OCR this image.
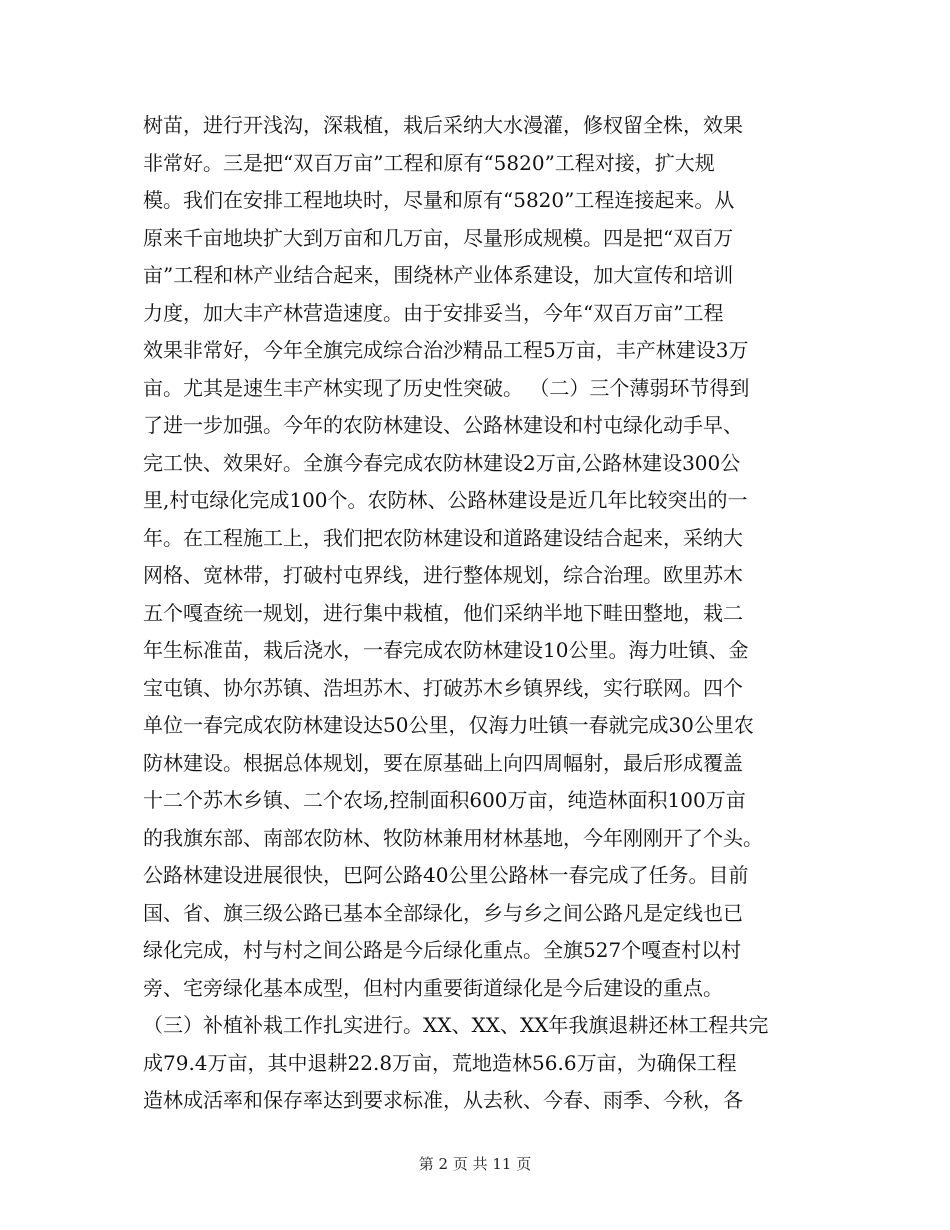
树苗，进行开浅沟，深栽植，栽后采纳大水漫灌，修杈留全株，效果
非常好。三是把“双百万亩”工程和原有“5820”工程对接，扩大规
模。我们在安排工程地块时，尽量和原有“5820”工程连接起来。从
原来千亩地块扩大到万亩和几万亩，尽量形成规模。四是把“双百万
亩”工程和林产业结合起来，围绕林产业体系建设，加大宣传和培训
力度，加大丰产林营造速度。由于安排妥当，今年“双百万亩”工程
效果非常好，今年全旗完成综合治沙精品工程5万亩，丰产林建设3万
亩。尤其是速生丰产林实现了历史性突破。 （二）三个薄弱环节得到
了进一步加强。今年的农防林建设、公路林建设和村屯绿化动手早、
完工快、效果好。全旗今春完成农防林建设2万亩,公路林建设300公
里,村屯绿化完成100个。农防林、公路林建设是近几年比较突出的一
年。在工程施工上，我们把农防林建设和道路建设结合起来，采纳大
网格、宽林带，打破村屯界线，进行整体规划，综合治理。欧里苏木
五个嘎查统一规划，进行集中栽植，他们采纳半地下畦田整地，栽二
年生标准苗，栽后浇水，一春完成农防林建设10公里。海力吐镇、金
宝屯镇、协尔苏镇、浩坦苏木、打破苏木乡镇界线，实行联网。四个
单位一春完成农防林建设达50公里，仅海力吐镇一春就完成30公里农
防林建设。根据总体规划，要在原基础上向四周幅射，最后形成覆盖
十二个苏木乡镇、二个农场,控制面积600万亩，纯造林面积100万亩
的我旗东部、南部农防林、牧防林兼用材林基地，今年刚刚开了个头。
公路林建设进展很快，巴阿公路40公里公路林一春完成了任务。目前
国、省、旗三级公路已基本全部绿化，乡与乡之间公路凡是定线也已
绿化完成，村与村之间公路是今后绿化重点。全旗527个嘎查村以村
旁、宅旁绿化基本成型，但村内重要街道绿化是今后建设的重点。
（三）补植补栽工作扎实进行。XX、XX、XX年我旗退耕还林工程共完
成79.4万亩，其中退耕22.8万亩，荒地造林56.6万亩，为确保工程
造林成活率和保存率达到要求标准，从去秋、今春、雨季、今秋，各
第 2 页 共 11 页
